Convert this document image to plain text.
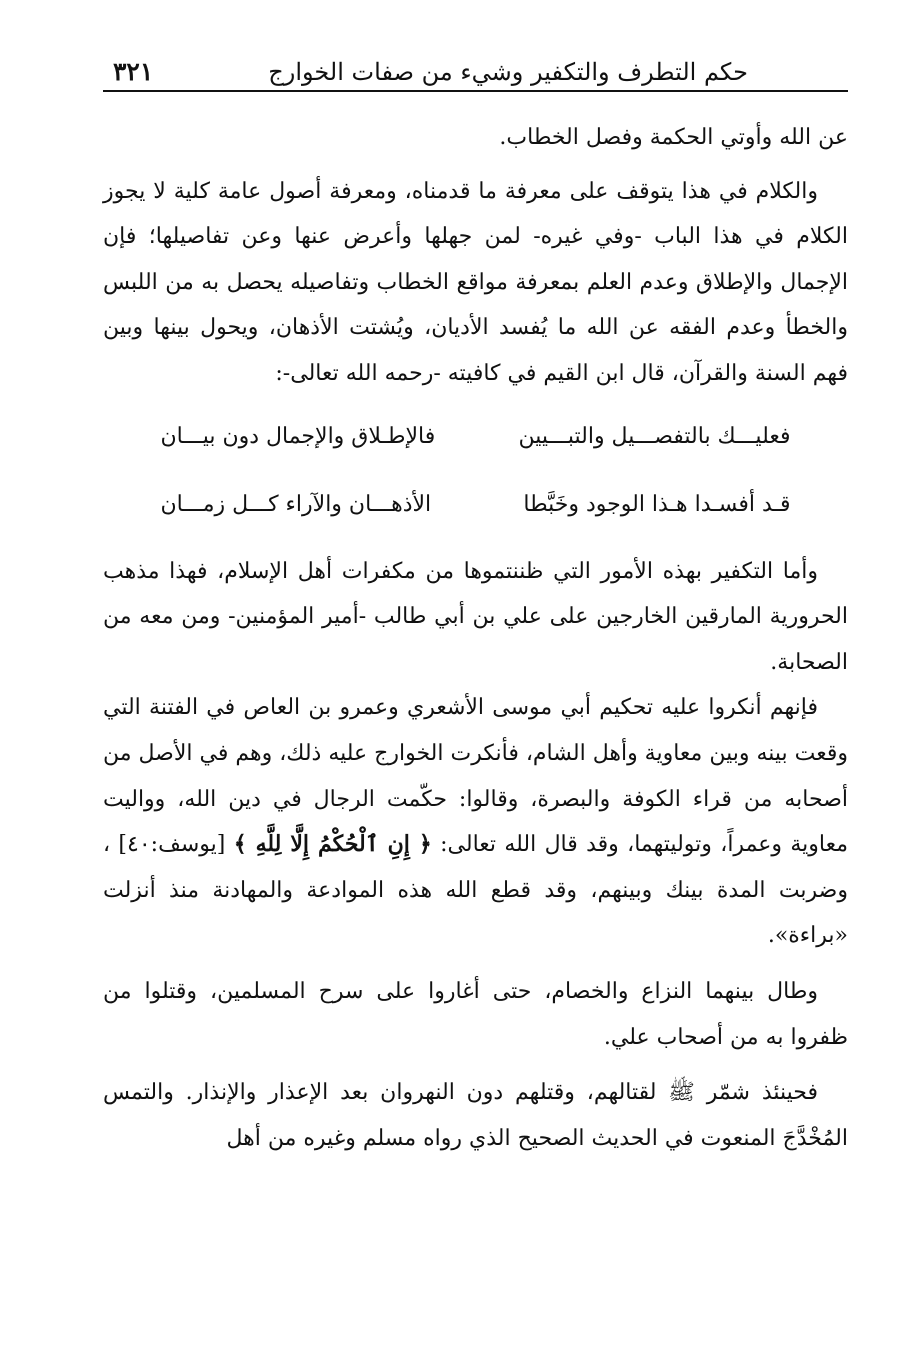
حكم التطرف والتكفير وشيء من صفات الخوارج
٣٢١

عن الله وأوتي الحكمة وفصل الخطاب.

والكلام في هذا يتوقف على معرفة ما قدمناه، ومعرفة أصول عامة كلية لا يجوز الكلام في هذا الباب -وفي غيره- لمن جهلها وأعرض عنها وعن تفاصيلها؛ فإن الإجمال والإطلاق وعدم العلم بمعرفة مواقع الخطاب وتفاصيله يحصل به من اللبس والخطأ وعدم الفقه عن الله ما يُفسد الأديان، ويُشتت الأذهان، ويحول بينها وبين فهم السنة والقرآن، قال ابن القيم في كافيته -رحمه الله تعالى-:

فعليـــك بالتفصـــيل والتبـــيين
فالإطـلاق والإجمال دون بيـــان
قـد أفسـدا هـذا الوجود وخَبَّطا
الأذهـــان والآراء كـــل زمـــان

وأما التكفير بهذه الأمور التي ظننتموها من مكفرات أهل الإسلام، فهذا مذهب الحرورية المارقين الخارجين على علي بن أبي طالب -أمير المؤمنين- ومن معه من الصحابة.

فإنهم أنكروا عليه تحكيم أبي موسى الأشعري وعمرو بن العاص في الفتنة التي وقعت بينه وبين معاوية وأهل الشام، فأنكرت الخوارج عليه ذلك، وهم في الأصل من أصحابه من قراء الكوفة والبصرة، وقالوا: حكّمت الرجال في دين الله، وواليت معاوية وعمراً، وتوليتهما، وقد قال الله تعالى: ﴿ إِنِ ٱلْحُكْمُ إِلَّا لِلَّهِ ﴾ [يوسف:٤٠] ، وضربت المدة بينك وبينهم، وقد قطع الله هذه الموادعة والمهادنة منذ أنزلت «براءة».

وطال بينهما النزاع والخصام، حتى أغاروا على سرح المسلمين، وقتلوا من ظفروا به من أصحاب علي.

فحينئذ شمّر ﷺ لقتالهم، وقتلهم دون النهروان بعد الإعذار والإنذار. والتمس المُخْدَّجَ المنعوت في الحديث الصحيح الذي رواه مسلم وغيره من أهل
